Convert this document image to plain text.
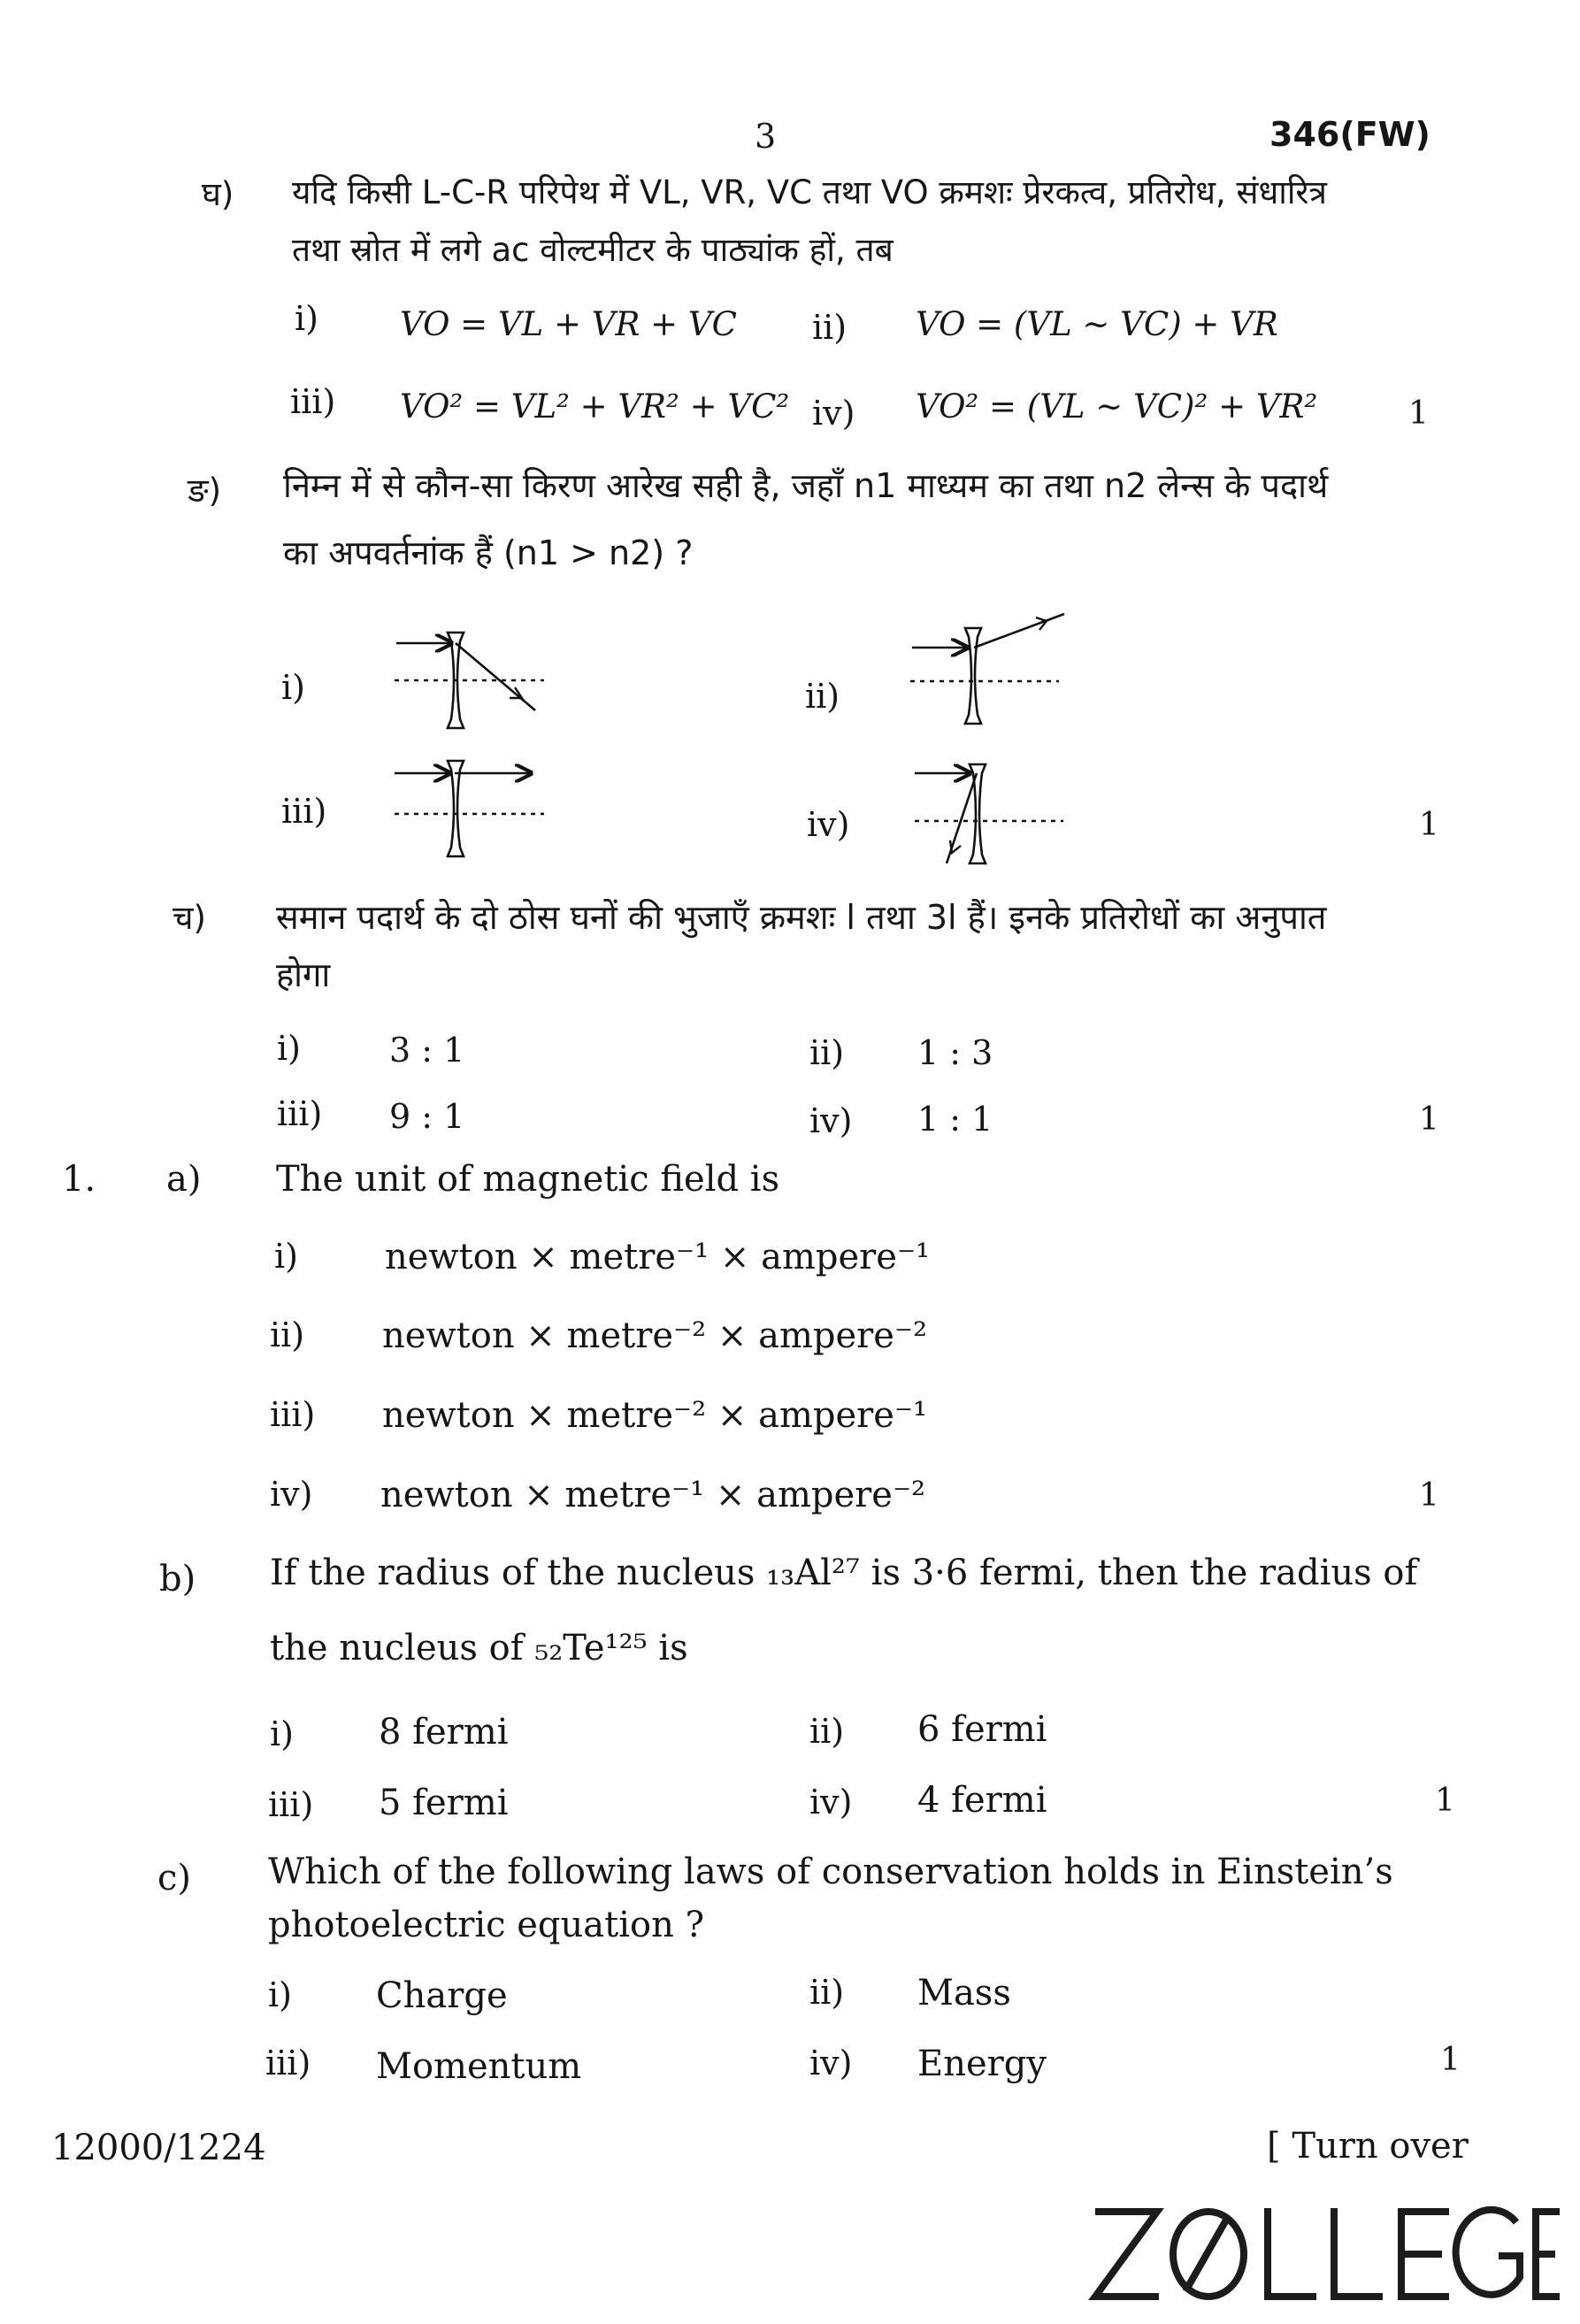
3	346(FW)
घ) यदि किसी L-C-R परिपेथ में VL, VR, VC तथा VO क्रमशः प्रेरकत्व, प्रतिरोध, संधारित्र
तथा स्रोत में लगे ac वोल्टमीटर के पाठ्यांक हों, तब
i) VO = VL + VR + VC ii) VO = (VL ~ VC) + VR
iii) VO² = VL² + VR² + VC² iv) VO² = (VL ~ VC)² + VR²	1
ङ) निम्न में से कौन-सा किरण आरेख सही है, जहाँ n1 माध्यम का तथा n2 लेन्स के पदार्थ
का अपवर्तनांक हैं (n1 > n2) ?
i)	ii)
iii)	iv)	1
च) समान पदार्थ के दो ठोस घनों की भुजाएँ क्रमशः l तथा 3l हैं। इनके प्रतिरोधों का अनुपात
होगा
i)	3 : 1	ii) 1 : 3
iii) 9 : 1	iv) 1 : 1	1
1. a) The unit of magnetic field is
i) newton × metre⁻¹ × ampere⁻¹
ii) newton × metre⁻² × ampere⁻²
iii) newton × metre⁻² × ampere⁻¹
iv) newton × metre⁻¹ × ampere⁻²	1
b) If the radius of the nucleus ₁₃Al²⁷ is 3·6 fermi, then the radius of
the nucleus of ₅₂Te¹²⁵ is
i) 8 fermi	ii) 6 fermi
iii) 5 fermi	iv) 4 fermi	1
c) Which of the following laws of conservation holds in Einstein’s
photoelectric equation ?
i) Charge	ii) Mass
iii) Momentum	iv) Energy	1
12000/1224	[ Turn over
